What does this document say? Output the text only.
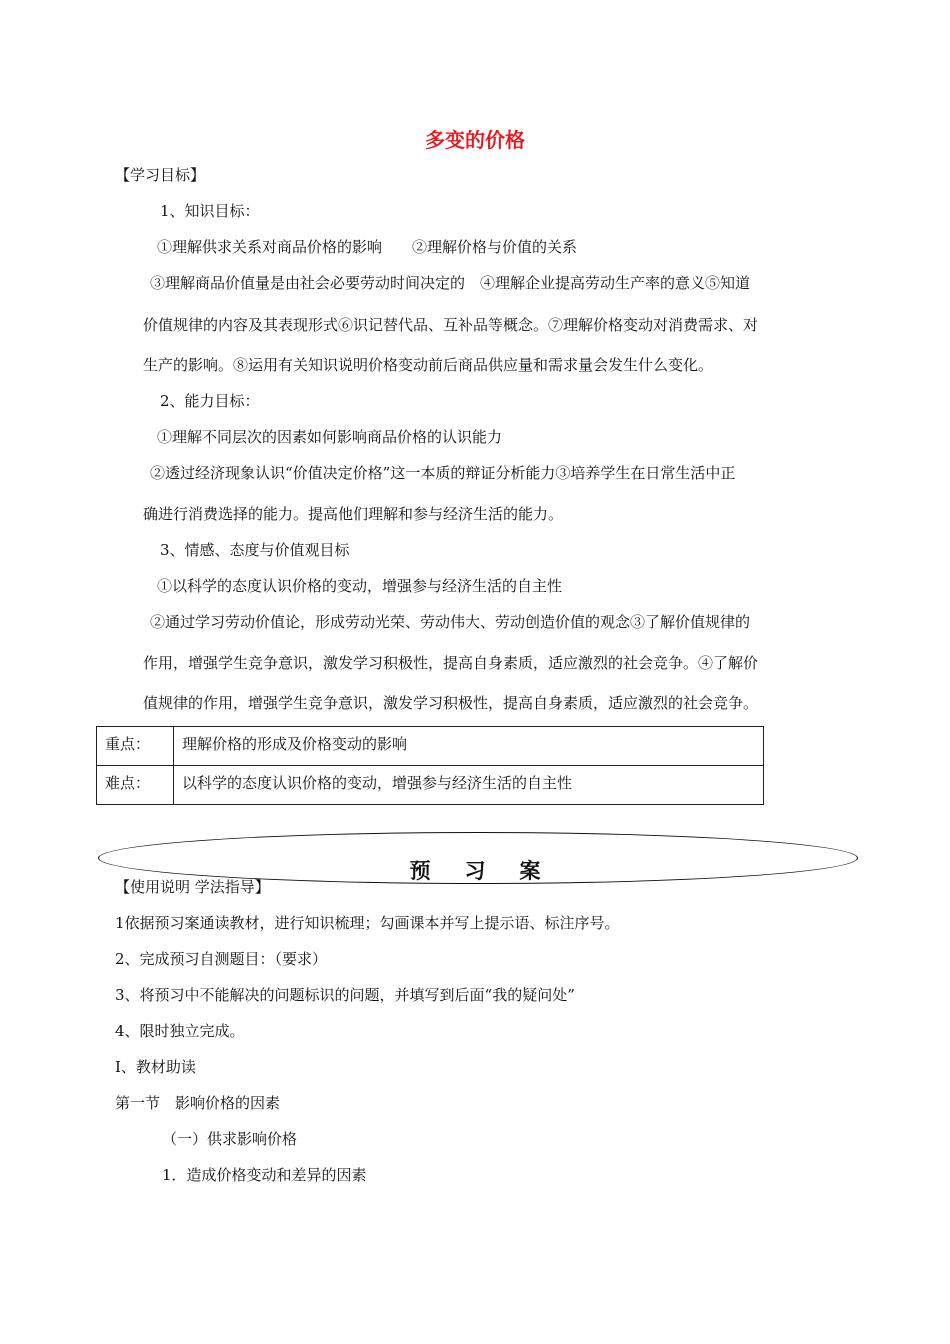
多变的价格
【学习目标】
1、知识目标：
①理解供求关系对商品价格的影响　　②理解价格与价值的关系
③理解商品价值量是由社会必要劳动时间决定的　④理解企业提高劳动生产率的意义⑤知道
价值规律的内容及其表现形式⑥识记替代品、互补品等概念。⑦理解价格变动对消费需求、对
生产的影响。⑧运用有关知识说明价格变动前后商品供应量和需求量会发生什么变化。
2、能力目标：
①理解不同层次的因素如何影响商品价格的认识能力
②透过经济现象认识“价值决定价格”这一本质的辩证分析能力③培养学生在日常生活中正
确进行消费选择的能力。提高他们理解和参与经济生活的能力。
3、情感、态度与价值观目标
①以科学的态度认识价格的变动，增强参与经济生活的自主性
②通过学习劳动价值论，形成劳动光荣、劳动伟大、劳动创造价值的观念③了解价值规律的
作用，增强学生竞争意识，激发学习积极性，提高自身素质，适应激烈的社会竞争。④了解价
值规律的作用，增强学生竞争意识，激发学习积极性，提高自身素质，适应激烈的社会竞争。
重点：	理解价格的形成及价格变动的影响
难点：	以科学的态度认识价格的变动，增强参与经济生活的自主性
预习案
【使用说明 学法指导】
1依据预习案通读教材，进行知识梳理；勾画课本并写上提示语、标注序号。
2、完成预习自测题目：（要求）
3、将预习中不能解决的问题标识的问题，并填写到后面“我的疑问处”
4、限时独立完成。
I、教材助读
第一节　影响价格的因素
（一）供求影响价格
1．造成价格变动和差异的因素
